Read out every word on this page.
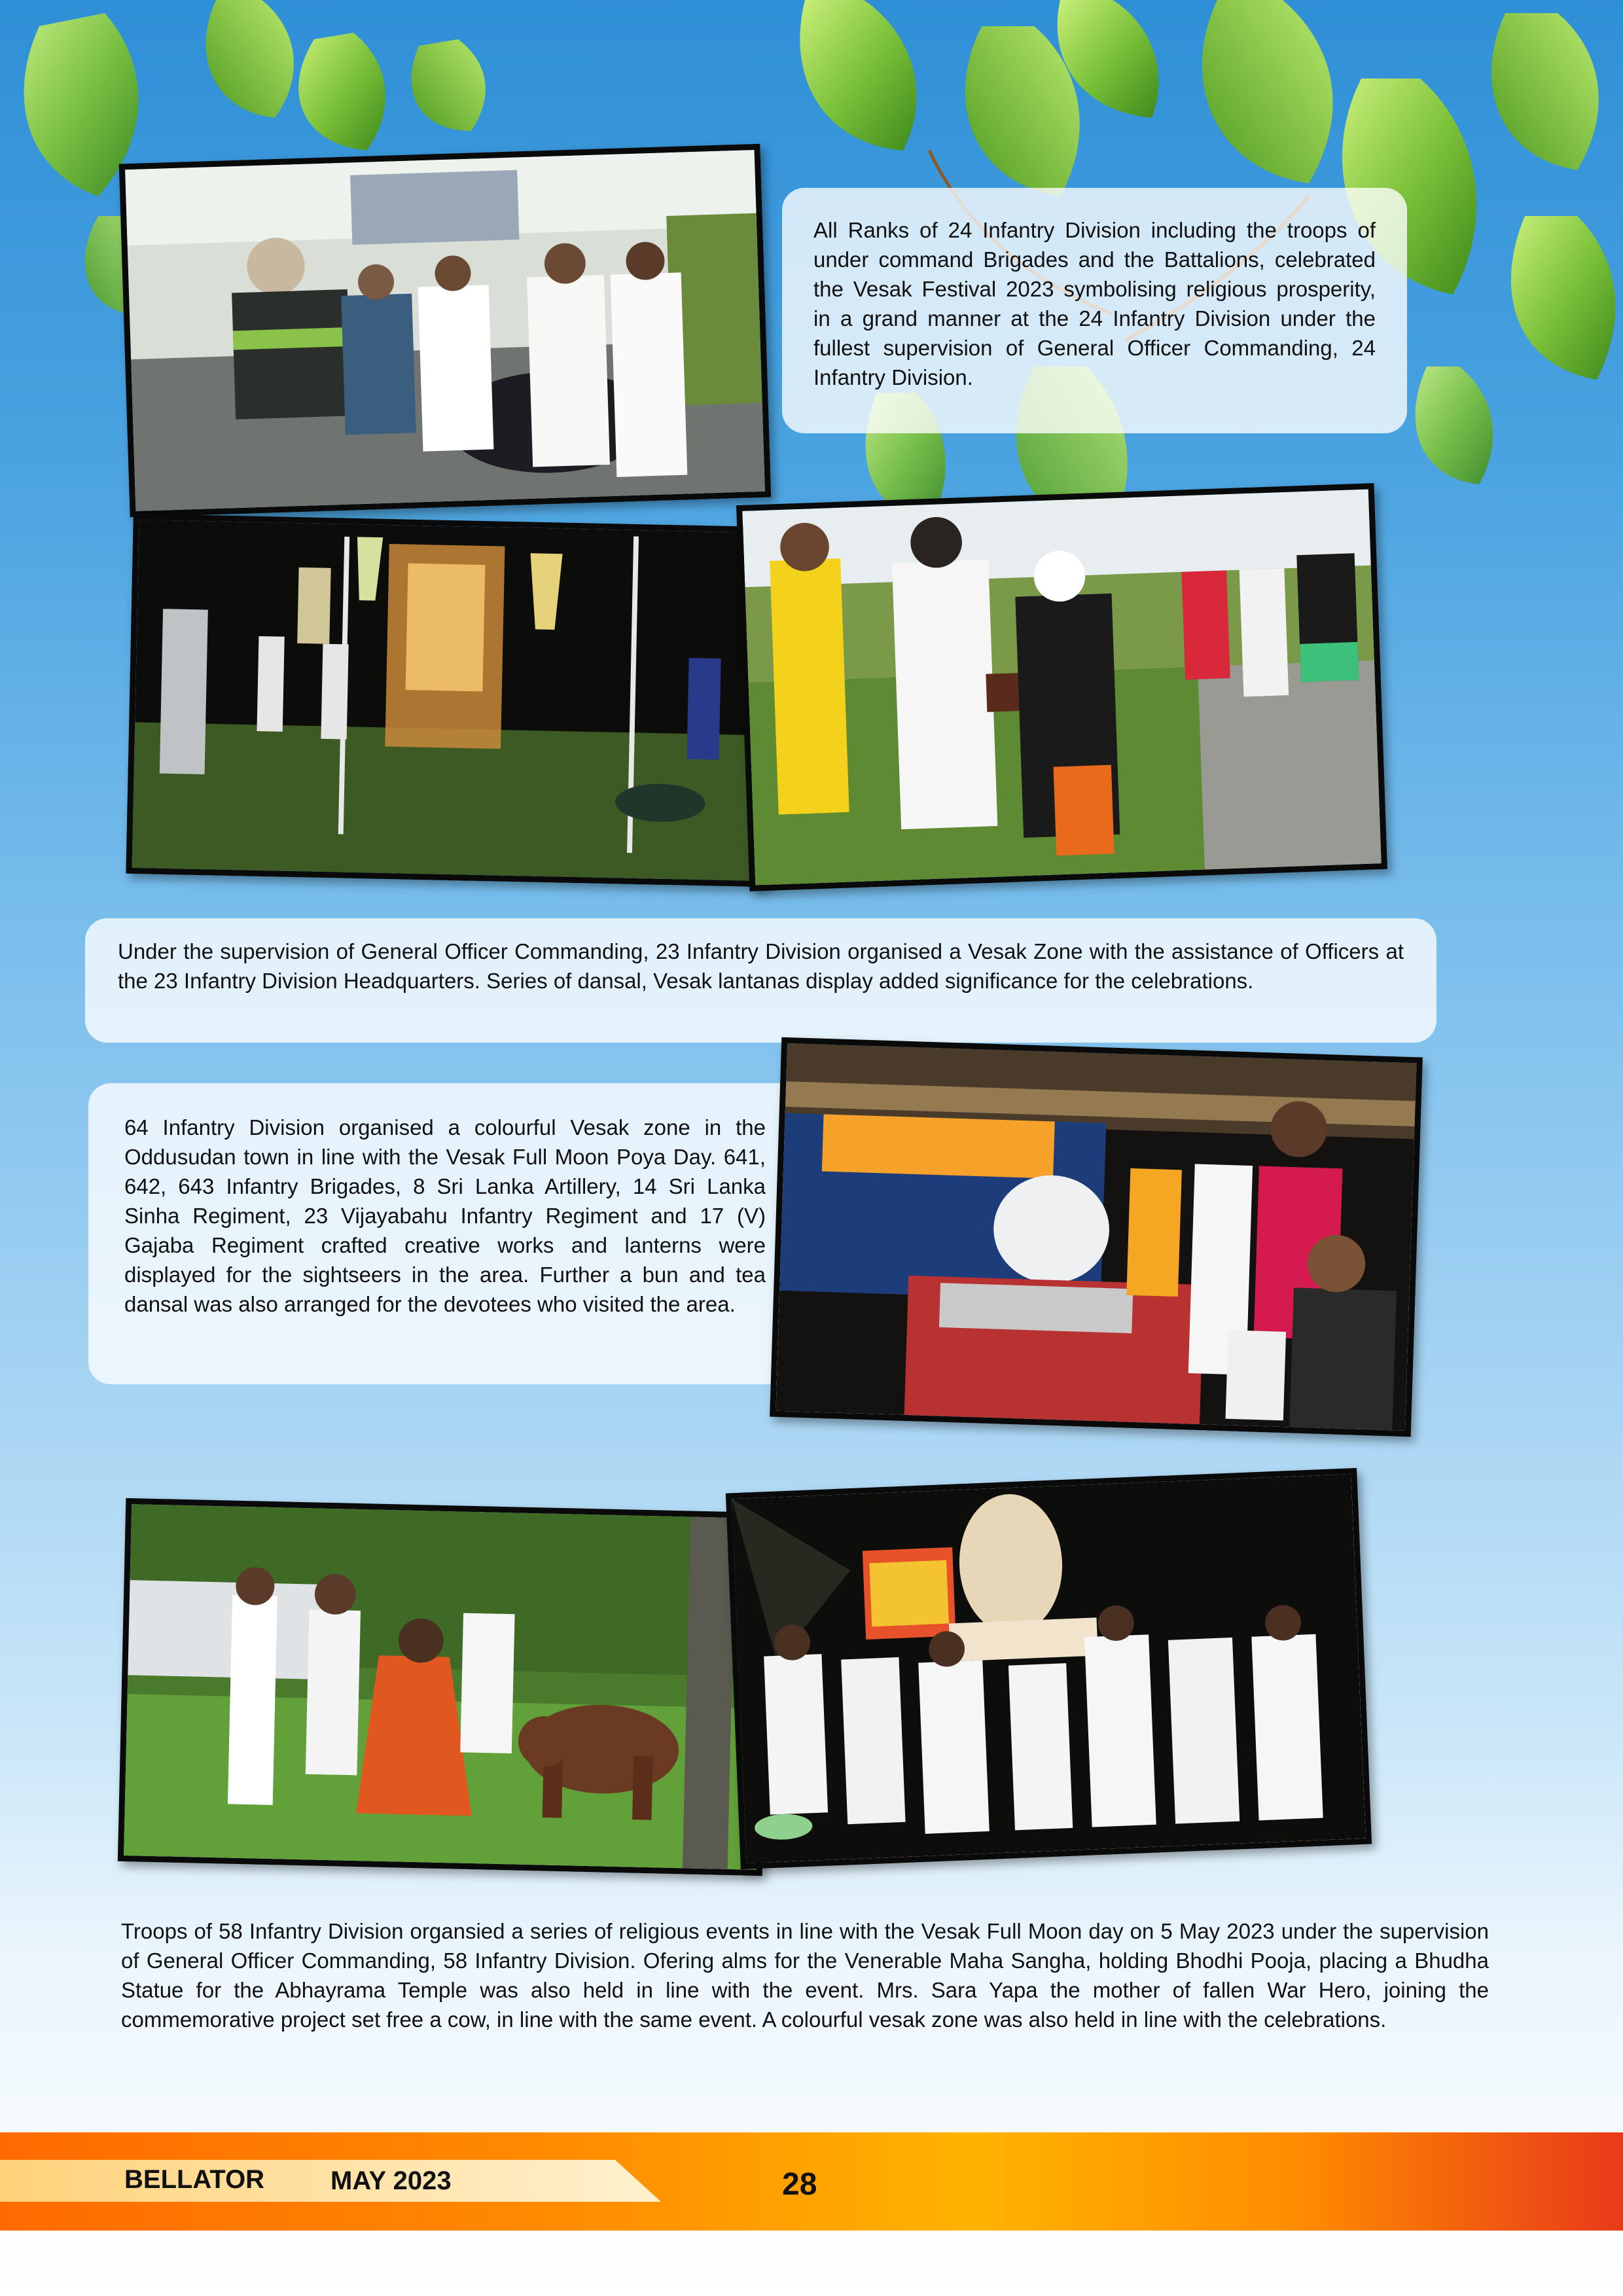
All Ranks of 24 Infantry Division including the troops of under command Brigades and the Battalions, celebrated the Vesak Festival 2023 symbolising religious prosperity, in a grand manner at the 24 Infantry Division under the fullest supervision of General Officer Commanding, 24 Infantry Division.
Under the supervision of General Officer Commanding, 23 Infantry Division organised a Vesak Zone with the assistance of Officers at the 23 Infantry Division Headquarters. Series of dansal, Vesak lantanas display added significance for the celebrations.
64 Infantry Division organised a colourful Vesak zone in the Oddusudan town in line with the Vesak Full Moon Poya Day. 641, 642, 643 Infantry Brigades, 8 Sri Lanka Artillery, 14 Sri Lanka Sinha Regiment, 23 Vijayabahu Infantry Regiment and 17 (V) Gajaba Regiment crafted creative works and lanterns were displayed for the sightseers in the area. Further a bun and tea dansal was also arranged for the devotees who visited the area.
Troops of 58 Infantry Division organsied a series of religious events in line with the Vesak Full Moon day on 5 May 2023 under the supervision of General Officer Commanding, 58 Infantry Division. Ofering alms for the Venerable Maha Sangha, holding Bhodhi Pooja, placing a Bhudha Statue for the Abhayrama Temple was also held in line with the event. Mrs. Sara Yapa the mother of fallen War Hero, joining the commemorative project set free a cow, in line with the same event. A colourful vesak zone was also held in line with the celebrations.
BELLATOR	MAY 2023	28
